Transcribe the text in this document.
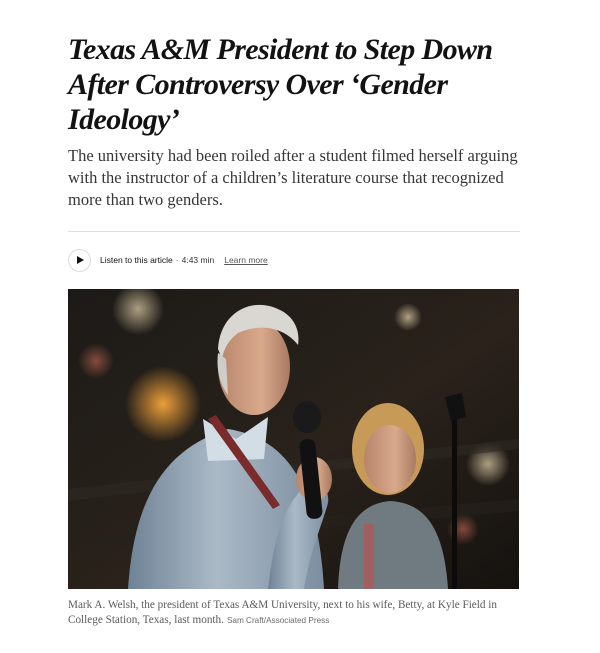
Texas A&M President to Step Down After Controversy Over ‘Gender Ideology’

The university had been roiled after a student filmed herself arguing with the instructor of a children’s literature course that recognized more than two genders.

Listen to this article · 4:43 min Learn more
Mark A. Welsh, the president of Texas A&M University, next to his wife, Betty, at Kyle Field in College Station, Texas, last month. Sam Craft/Associated Press
